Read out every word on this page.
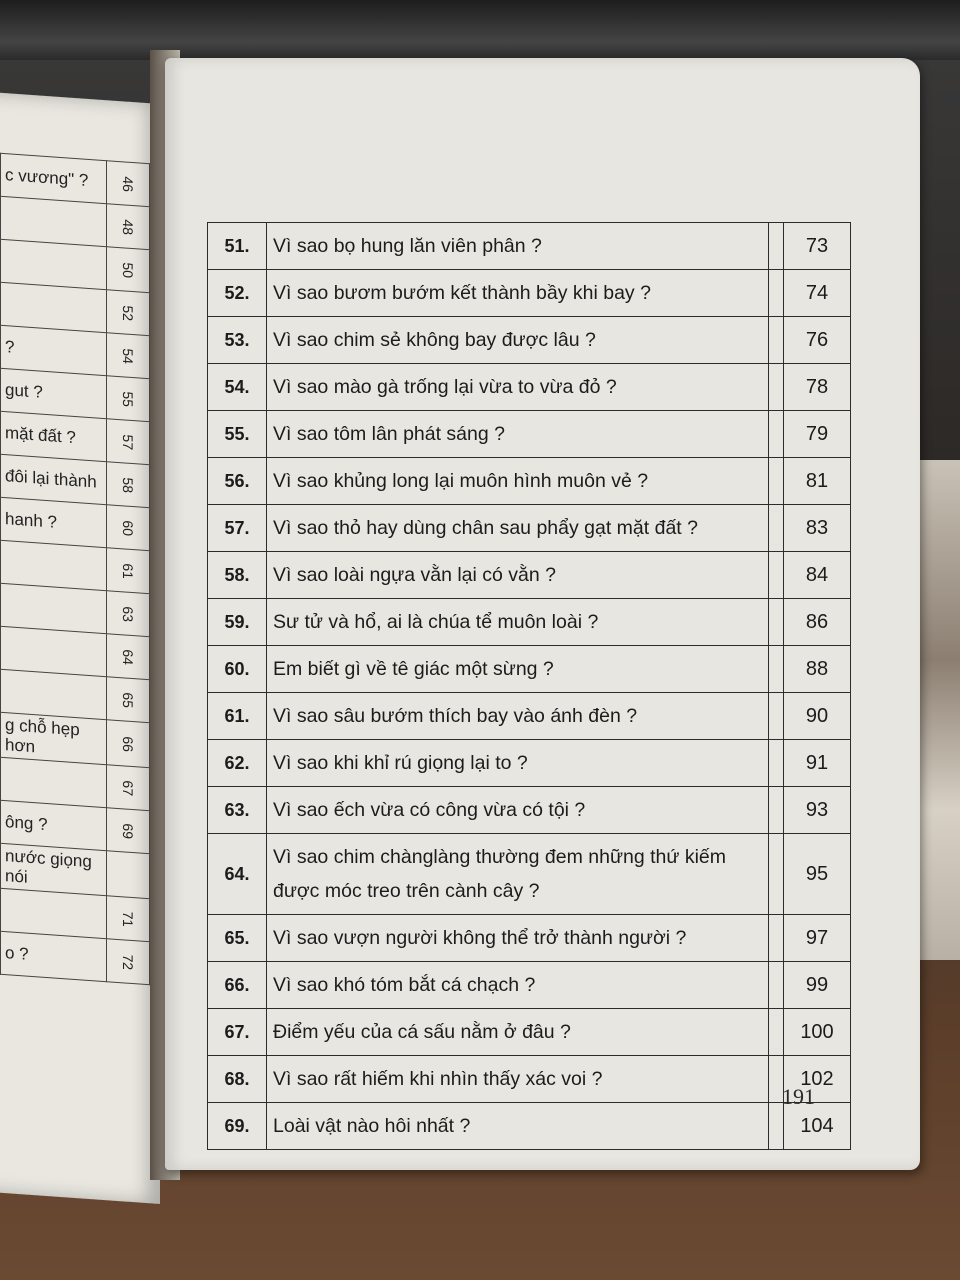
c vương" ?	46
	48
	50
	52
?	54
gut ?	55
mặt đất ?	57
đôi lại thành	58
hanh ?	60
	61
	63
	64
	65
g chỗ hẹp hơn	66
	67
ông ?	69
nước giọng nói	
	71
o ?	72
51.	Vì sao bọ hung lăn viên phân ?		73
52.	Vì sao bươm bướm kết thành bầy khi bay ?		74
53.	Vì sao chim sẻ không bay được lâu ?		76
54.	Vì sao mào gà trống lại vừa to vừa đỏ ?		78
55.	Vì sao tôm lân phát sáng ?		79
56.	Vì sao khủng long lại muôn hình muôn vẻ ?		81
57.	Vì sao thỏ hay dùng chân sau phẩy gạt mặt đất ?		83
58.	Vì sao loài ngựa vằn lại có vằn ?		84
59.	Sư tử và hổ, ai là chúa tể muôn loài ?		86
60.	Em biết gì về tê giác một sừng ?		88
61.	Vì sao sâu bướm thích bay vào ánh đèn ?		90
62.	Vì sao khi khỉ rú giọng lại to ?		91
63.	Vì sao ếch vừa có công vừa có tội ?		93
64.	Vì sao chim chànglàng thường đem những thứ kiếm được móc treo trên cành cây ?		95
65.	Vì sao vượn người không thể trở thành người ?		97
66.	Vì sao khó tóm bắt cá chạch ?		99
67.	Điểm yếu của cá sấu nằm ở đâu ?		100
68.	Vì sao rất hiếm khi nhìn thấy xác voi ?		102
69.	Loài vật nào hôi nhất ?		104
191
